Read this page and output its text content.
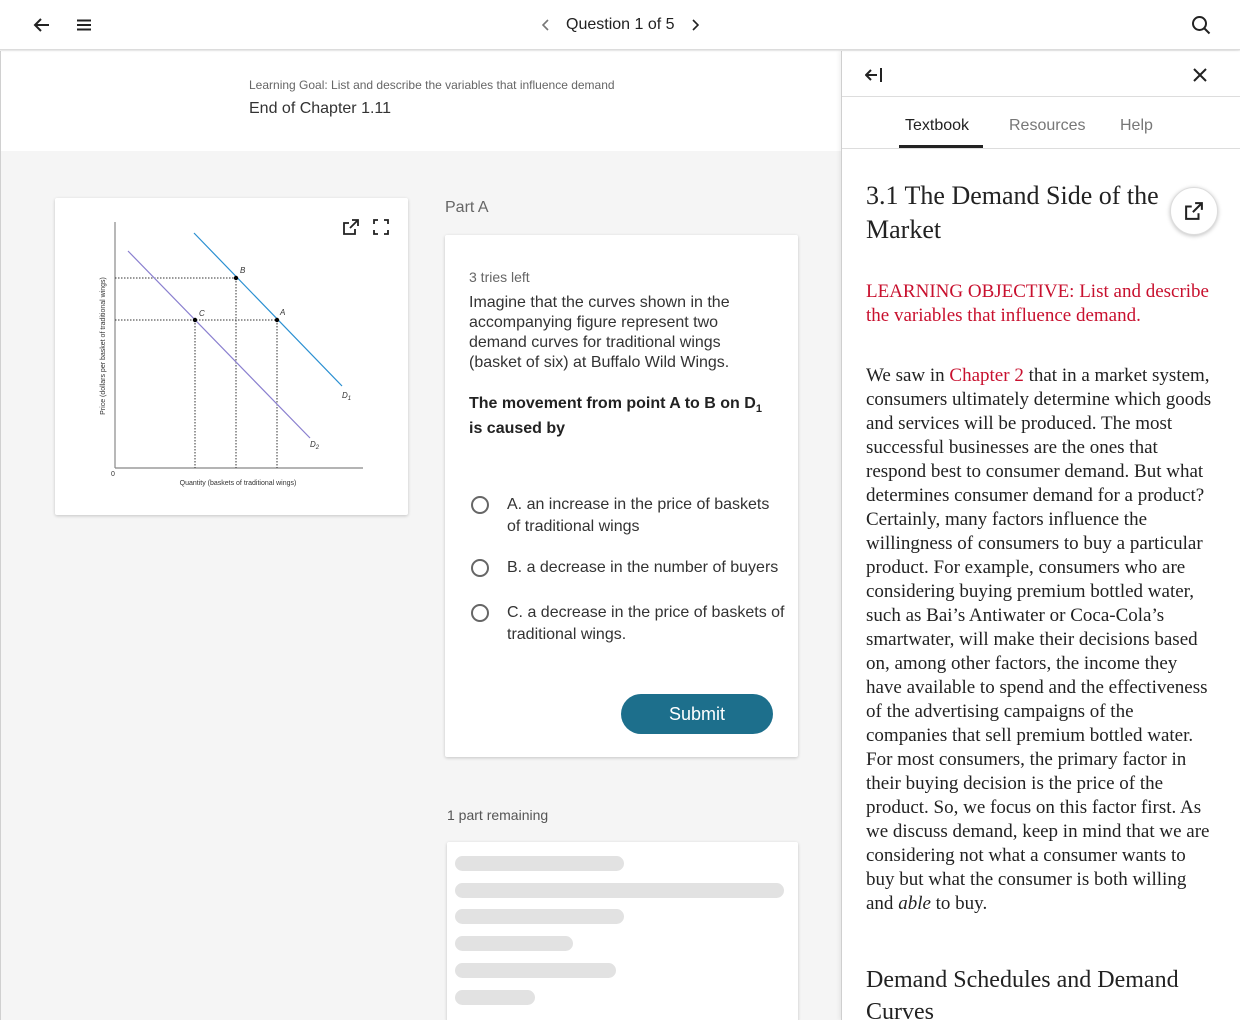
Question 1 of 5
Learning Goal: List and describe the variables that influence demand
End of Chapter 1.11
B
C	A
$D_1$
$D_2$
0
Quantity (baskets of traditional wings)
Price (dollars per basket of traditional wings)
Part A
3 tries left
Imagine that the curves shown in the accompanying figure represent two demand curves for traditional wings (basket of six) at Buffalo Wild Wings.
The movement from point A to B on $D_1$ is caused by
A. an increase in the price of baskets of traditional wings
B. a decrease in the number of buyers
C. a decrease in the price of baskets of traditional wings.
Submit
1 part remaining
Textbook Resources Help
3.1 The Demand Side of the Market
LEARNING OBJECTIVE: List and describe the variables that influence demand.
We saw in Chapter 2 that in a market system, consumers ultimately determine which goods and services will be produced. The most successful businesses are the ones that respond best to consumer demand. But what determines consumer demand for a product? Certainly, many factors influence the willingness of consumers to buy a particular product. For example, consumers who are considering buying premium bottled water, such as Bai’s Antiwater or Coca-Cola’s smartwater, will make their decisions based on, among other factors, the income they have available to spend and the effectiveness of the advertising campaigns of the companies that sell premium bottled water. For most consumers, the primary factor in their buying decision is the price of the product. So, we focus on this factor first. As we discuss demand, keep in mind that we are considering not what a consumer wants to buy but what the consumer is both willing and able to buy.
Demand Schedules and Demand Curves
